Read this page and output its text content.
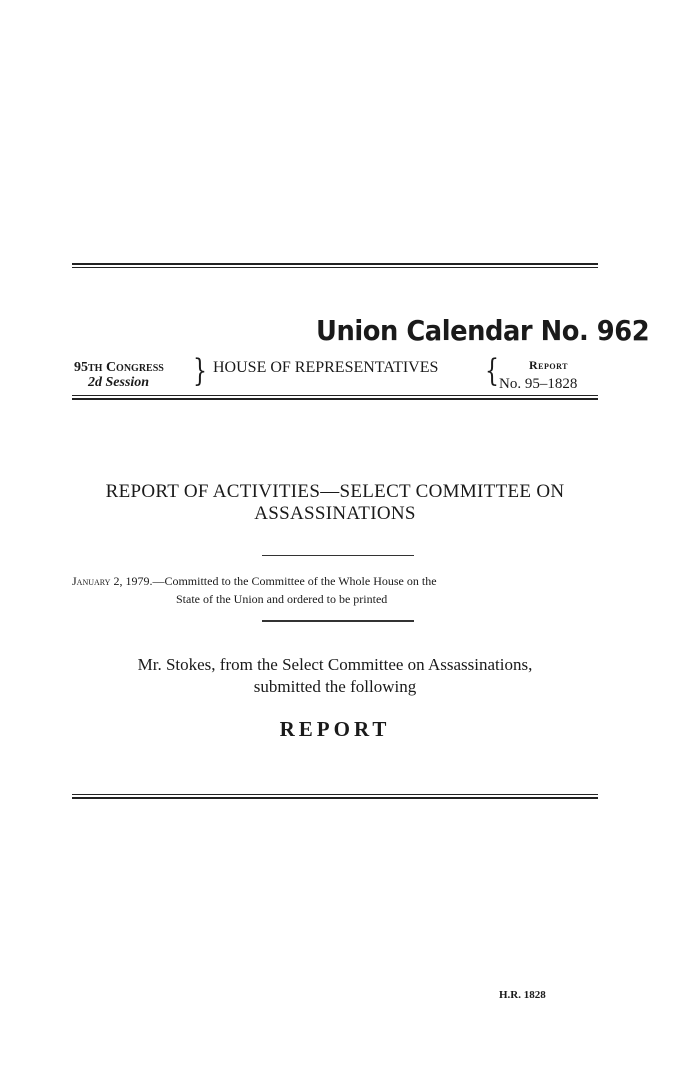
Union Calendar No. 962
95th Congress
2d Session } HOUSE OF REPRESENTATIVES {	Report
No. 95–1828
REPORT OF ACTIVITIES—SELECT COMMITTEE ON
ASSASSINATIONS
January 2, 1979.—Committed to the Committee of the Whole House on the
State of the Union and ordered to be printed
Mr. Stokes, from the Select Committee on Assassinations,
submitted the following
REPORT
H.R. 1828
